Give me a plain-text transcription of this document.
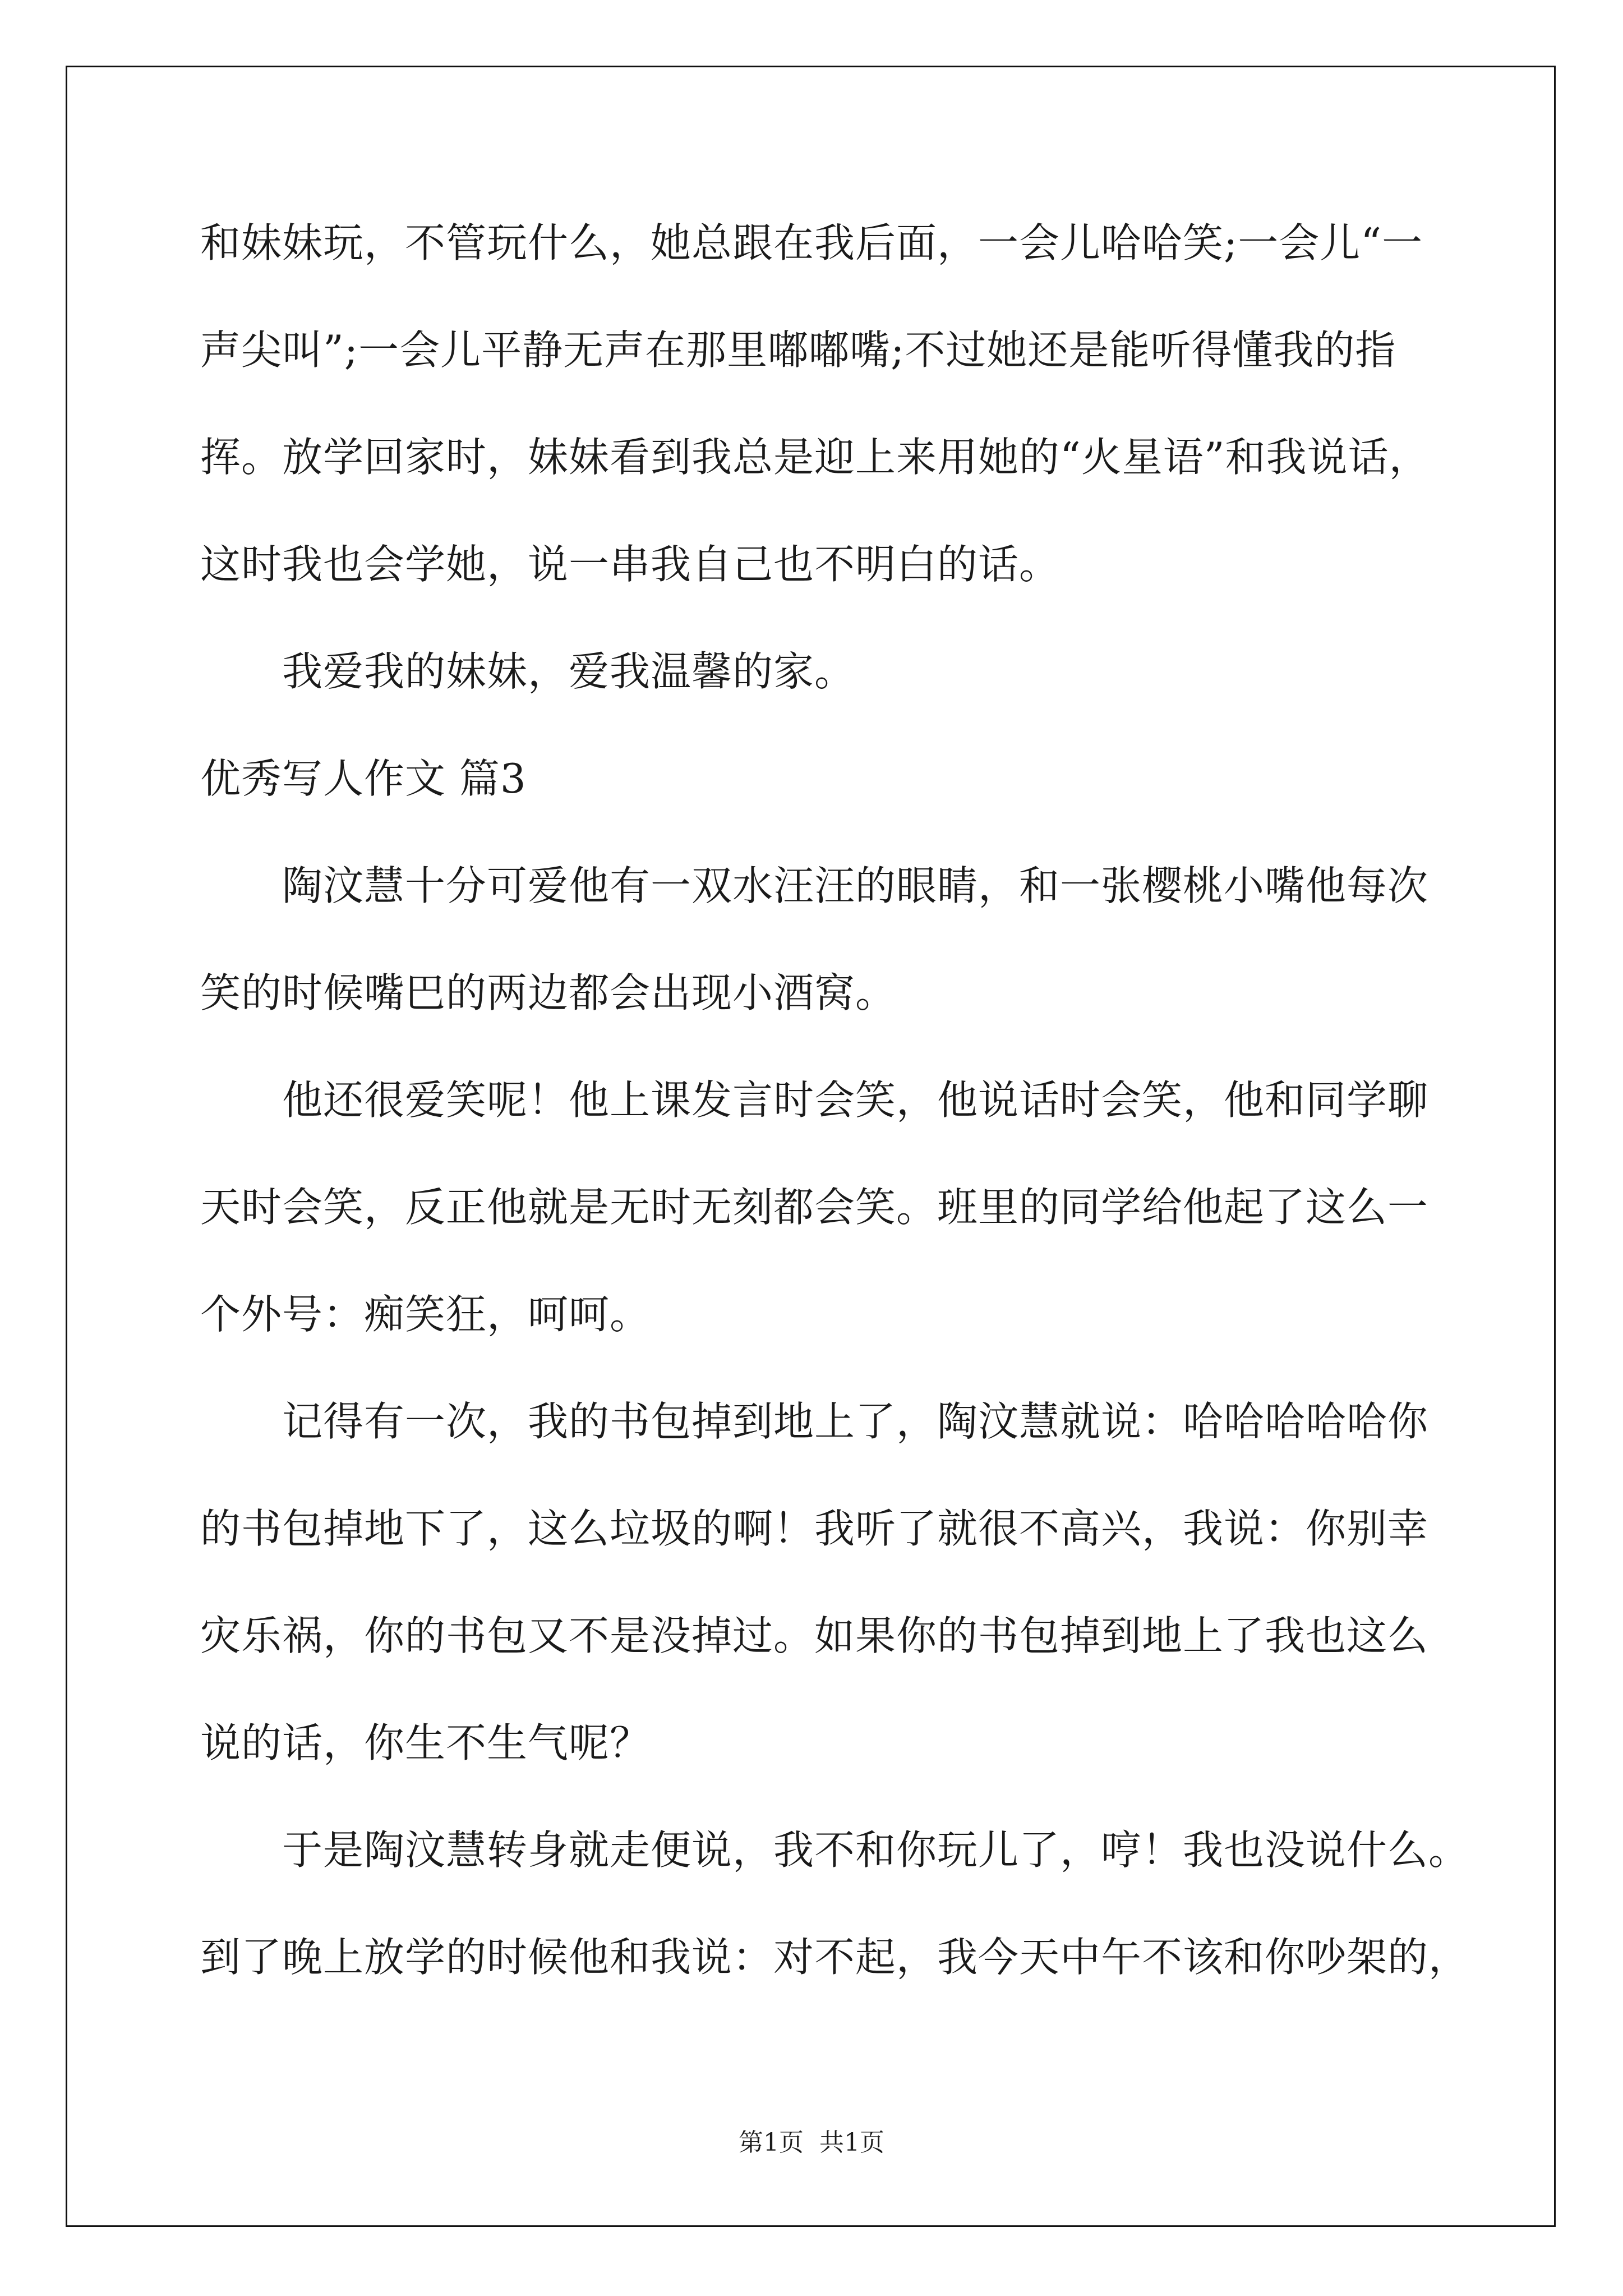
和妹妹玩，不管玩什么，她总跟在我后面，一会儿哈哈笑;一会儿“一
声尖叫”;一会儿平静无声在那里嘟嘟嘴;不过她还是能听得懂我的指
挥。放学回家时，妹妹看到我总是迎上来用她的“火星语”和我说话，
这时我也会学她，说一串我自己也不明白的话。
我爱我的妹妹，爱我温馨的家。
优秀写人作文 篇3
陶汶慧十分可爱他有一双水汪汪的眼睛，和一张樱桃小嘴他每次
笑的时候嘴巴的两边都会出现小酒窝。
他还很爱笑呢！他上课发言时会笑，他说话时会笑，他和同学聊
天时会笑，反正他就是无时无刻都会笑。班里的同学给他起了这么一
个外号：痴笑狂，呵呵。
记得有一次，我的书包掉到地上了，陶汶慧就说：哈哈哈哈哈你
的书包掉地下了，这么垃圾的啊！我听了就很不高兴，我说：你别幸
灾乐祸，你的书包又不是没掉过。如果你的书包掉到地上了我也这么
说的话，你生不生气呢？
于是陶汶慧转身就走便说，我不和你玩儿了，哼！我也没说什么。
到了晚上放学的时候他和我说：对不起，我今天中午不该和你吵架的，
第1页  共1页
